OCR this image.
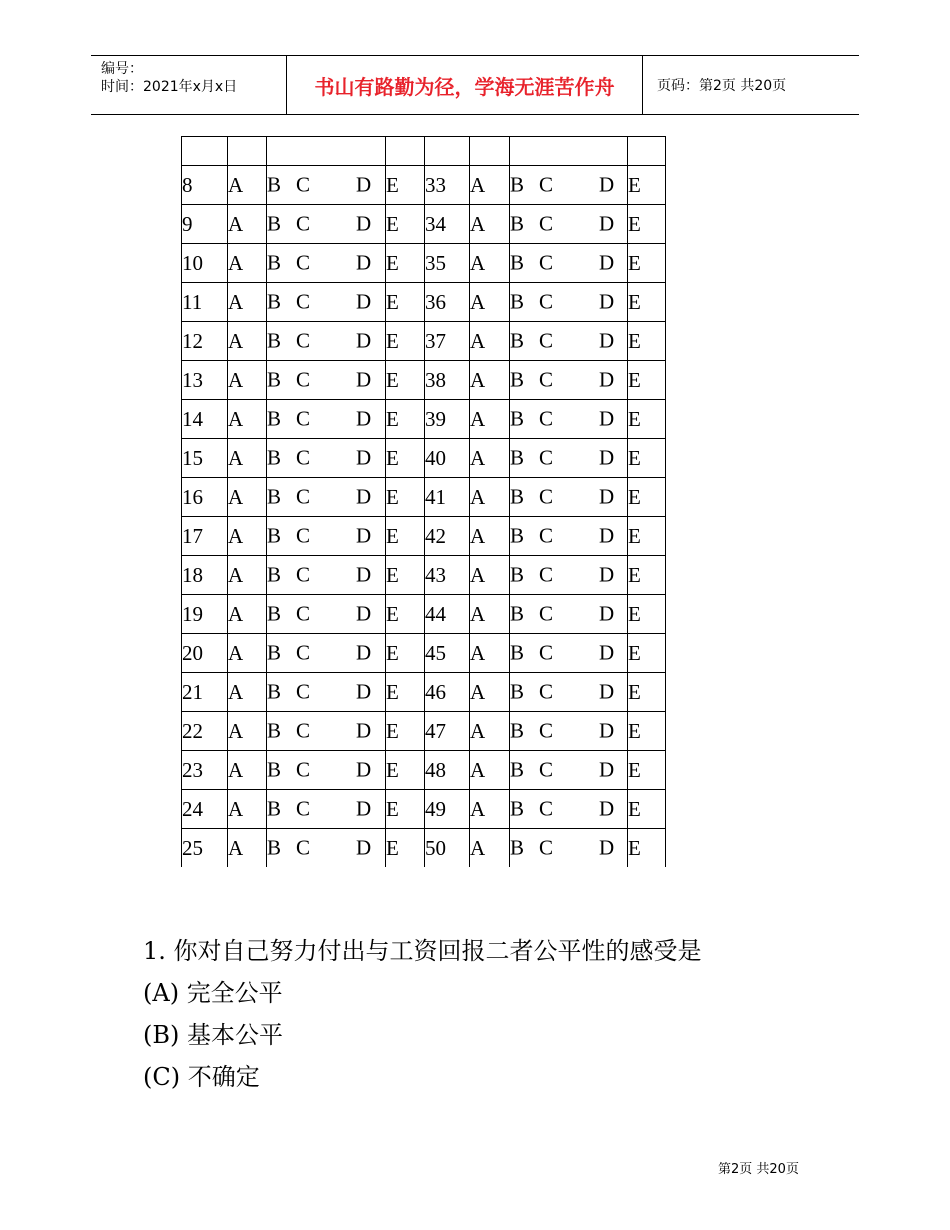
编号：
时间：2021年x月x日	书山有路勤为径，学海无涯苦作舟	页码：第2页 共20页

8	A	B C D	E	33	A	B C D	E
9	A	B C D	E	34	A	B C D	E
10	A	B C D	E	35	A	B C D	E
11	A	B C D	E	36	A	B C D	E
12	A	B C D	E	37	A	B C D	E
13	A	B C D	E	38	A	B C D	E
14	A	B C D	E	39	A	B C D	E
15	A	B C D	E	40	A	B C D	E
16	A	B C D	E	41	A	B C D	E
17	A	B C D	E	42	A	B C D	E
18	A	B C D	E	43	A	B C D	E
19	A	B C D	E	44	A	B C D	E
20	A	B C D	E	45	A	B C D	E
21	A	B C D	E	46	A	B C D	E
22	A	B C D	E	47	A	B C D	E
23	A	B C D	E	48	A	B C D	E
24	A	B C D	E	49	A	B C D	E
25	A	B C D	E	50	A	B C D	E
1. 你对自己努力付出与工资回报二者公平性的感受是
(A) 完全公平
(B) 基本公平
(C) 不确定
第2页 共20页
